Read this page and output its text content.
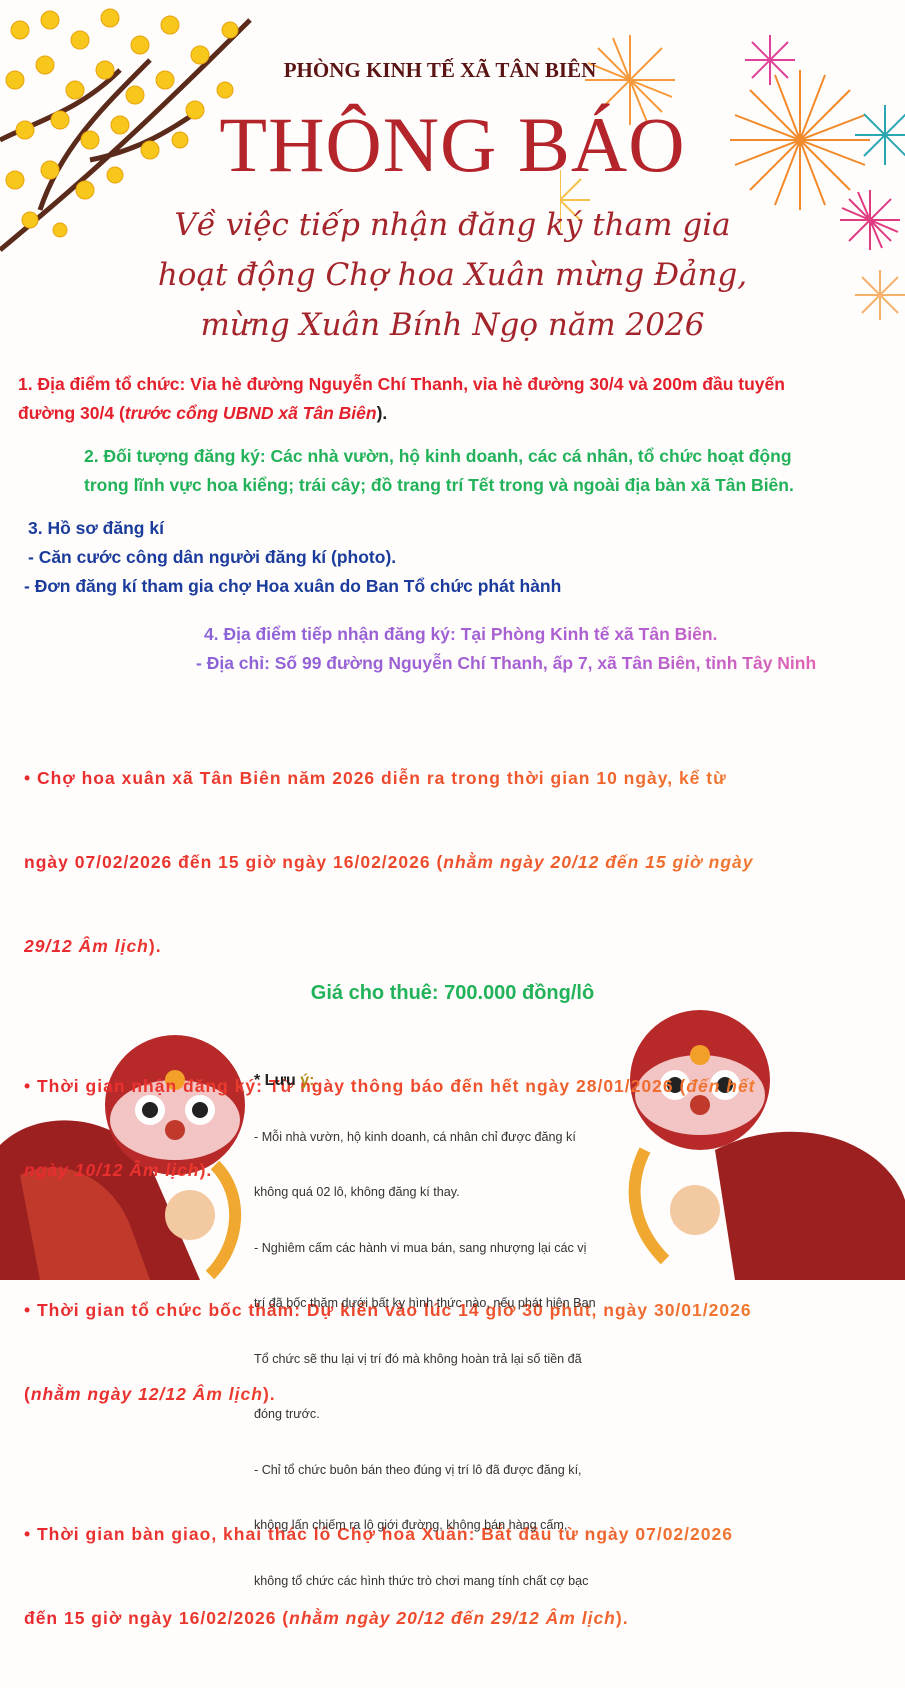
PHÒNG KINH TẾ XÃ TÂN BIÊN
THÔNG BÁO
Về việc tiếp nhận đăng ký tham gia
hoạt động Chợ hoa Xuân mừng Đảng,
mừng Xuân Bính Ngọ năm 2026
1. Địa điểm tổ chức: Vỉa hè đường Nguyễn Chí Thanh, vỉa hè đường 30/4 và 200m đầu tuyến
đường 30/4 (trước cổng UBND xã Tân Biên).
2. Đối tượng đăng ký: Các nhà vườn, hộ kinh doanh, các cá nhân, tổ chức hoạt động
trong lĩnh vực hoa kiểng; trái cây; đồ trang trí Tết trong và ngoài địa bàn xã Tân Biên.
3. Hồ sơ đăng kí
- Căn cước công dân người đăng kí (photo).
- Đơn đăng kí tham gia chợ Hoa xuân do Ban Tổ chức phát hành
4. Địa điểm tiếp nhận đăng ký: Tại Phòng Kinh tế xã Tân Biên.
- Địa chỉ: Số 99 đường Nguyễn Chí Thanh, ấp 7, xã Tân Biên, tỉnh Tây Ninh

• Chợ hoa xuân xã Tân Biên năm 2026 diễn ra trong thời gian 10 ngày, kể từ

ngày 07/02/2026 đến 15 giờ ngày 16/02/2026 (nhằm ngày 20/12 đến 15 giờ ngày

29/12 Âm lịch).

• Thời gian nhận đăng ký: Từ ngày thông báo đến hết ngày 28/01/2026 (đến hết

ngày 10/12 Âm lịch).

• Thời gian tổ chức bốc thăm: Dự kiến vào lúc 14 giờ 30 phút, ngày 30/01/2026

(nhằm ngày 12/12 Âm lịch).

• Thời gian bàn giao, khai thác lô Chợ hoa Xuân: Bắt đầu từ ngày 07/02/2026

đến 15 giờ ngày 16/02/2026 (nhằm ngày 20/12 đến 29/12 Âm lịch).

Giá cho thuê: 700.000 đồng/lô
* Lưu ý:

- Mỗi nhà vườn, hộ kinh doanh, cá nhân chỉ được đăng kí

không quá 02 lô, không đăng kí thay.

- Nghiêm cấm các hành vi mua bán, sang nhượng lại các vị

trí đã bốc thăm dưới bất ky hình thức nào, nếu phát hiện Ban

Tổ chức sẽ thu lại vị trí đó mà không hoàn trả lại số tiền đã

đóng trước.

- Chỉ tổ chức buôn bán theo đúng vị trí lô đã được đăng kí,

không lấn chiếm ra lộ giới đường, không bán hàng cấm,

không tổ chức các hình thức trò chơi mang tính chất cợ bạc
